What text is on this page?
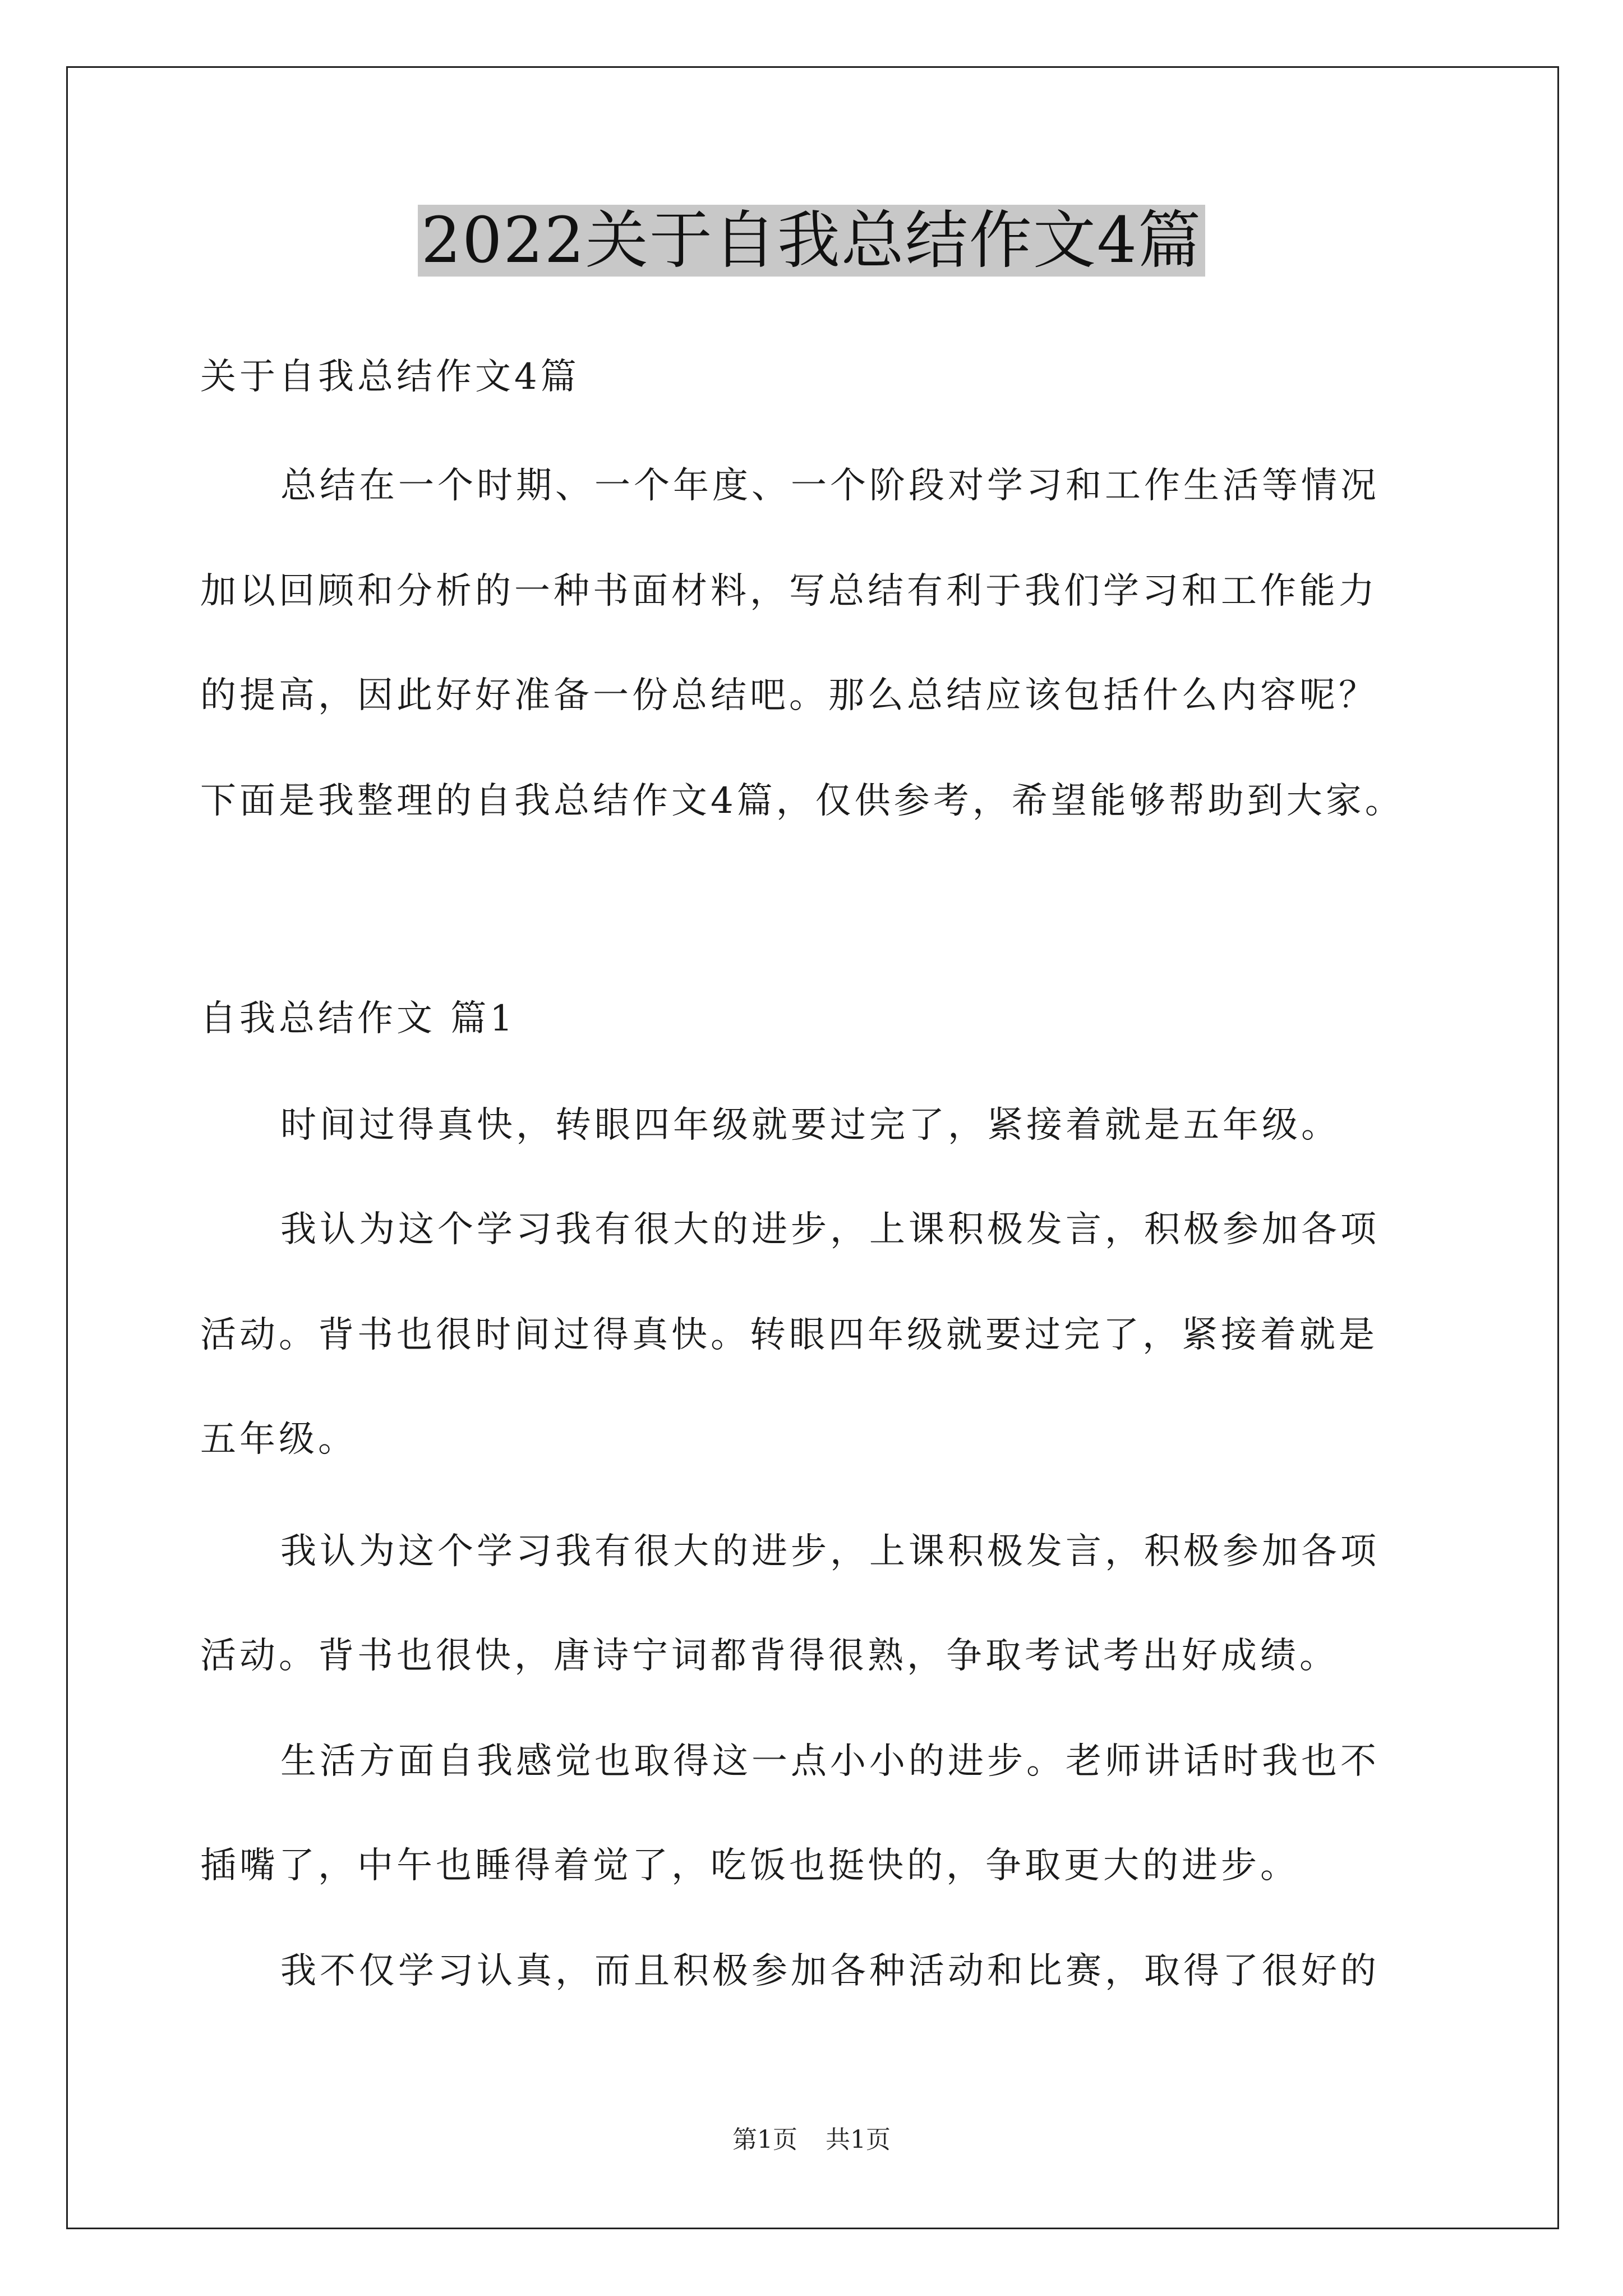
2022关于自我总结作文4篇
关于自我总结作文4篇
总结在一个时期、一个年度、一个阶段对学习和工作生活等情况
加以回顾和分析的一种书面材料，写总结有利于我们学习和工作能力
的提高，因此好好准备一份总结吧。那么总结应该包括什么内容呢？
下面是我整理的自我总结作文4篇，仅供参考，希望能够帮助到大家。
自我总结作文 篇1
时间过得真快，转眼四年级就要过完了，紧接着就是五年级。
我认为这个学习我有很大的进步，上课积极发言，积极参加各项
活动。背书也很时间过得真快。转眼四年级就要过完了，紧接着就是
五年级。
我认为这个学习我有很大的进步，上课积极发言，积极参加各项
活动。背书也很快，唐诗宁词都背得很熟，争取考试考出好成绩。
生活方面自我感觉也取得这一点小小的进步。老师讲话时我也不
插嘴了，中午也睡得着觉了，吃饭也挺快的，争取更大的进步。
我不仅学习认真，而且积极参加各种活动和比赛，取得了很好的
第1页 共1页
